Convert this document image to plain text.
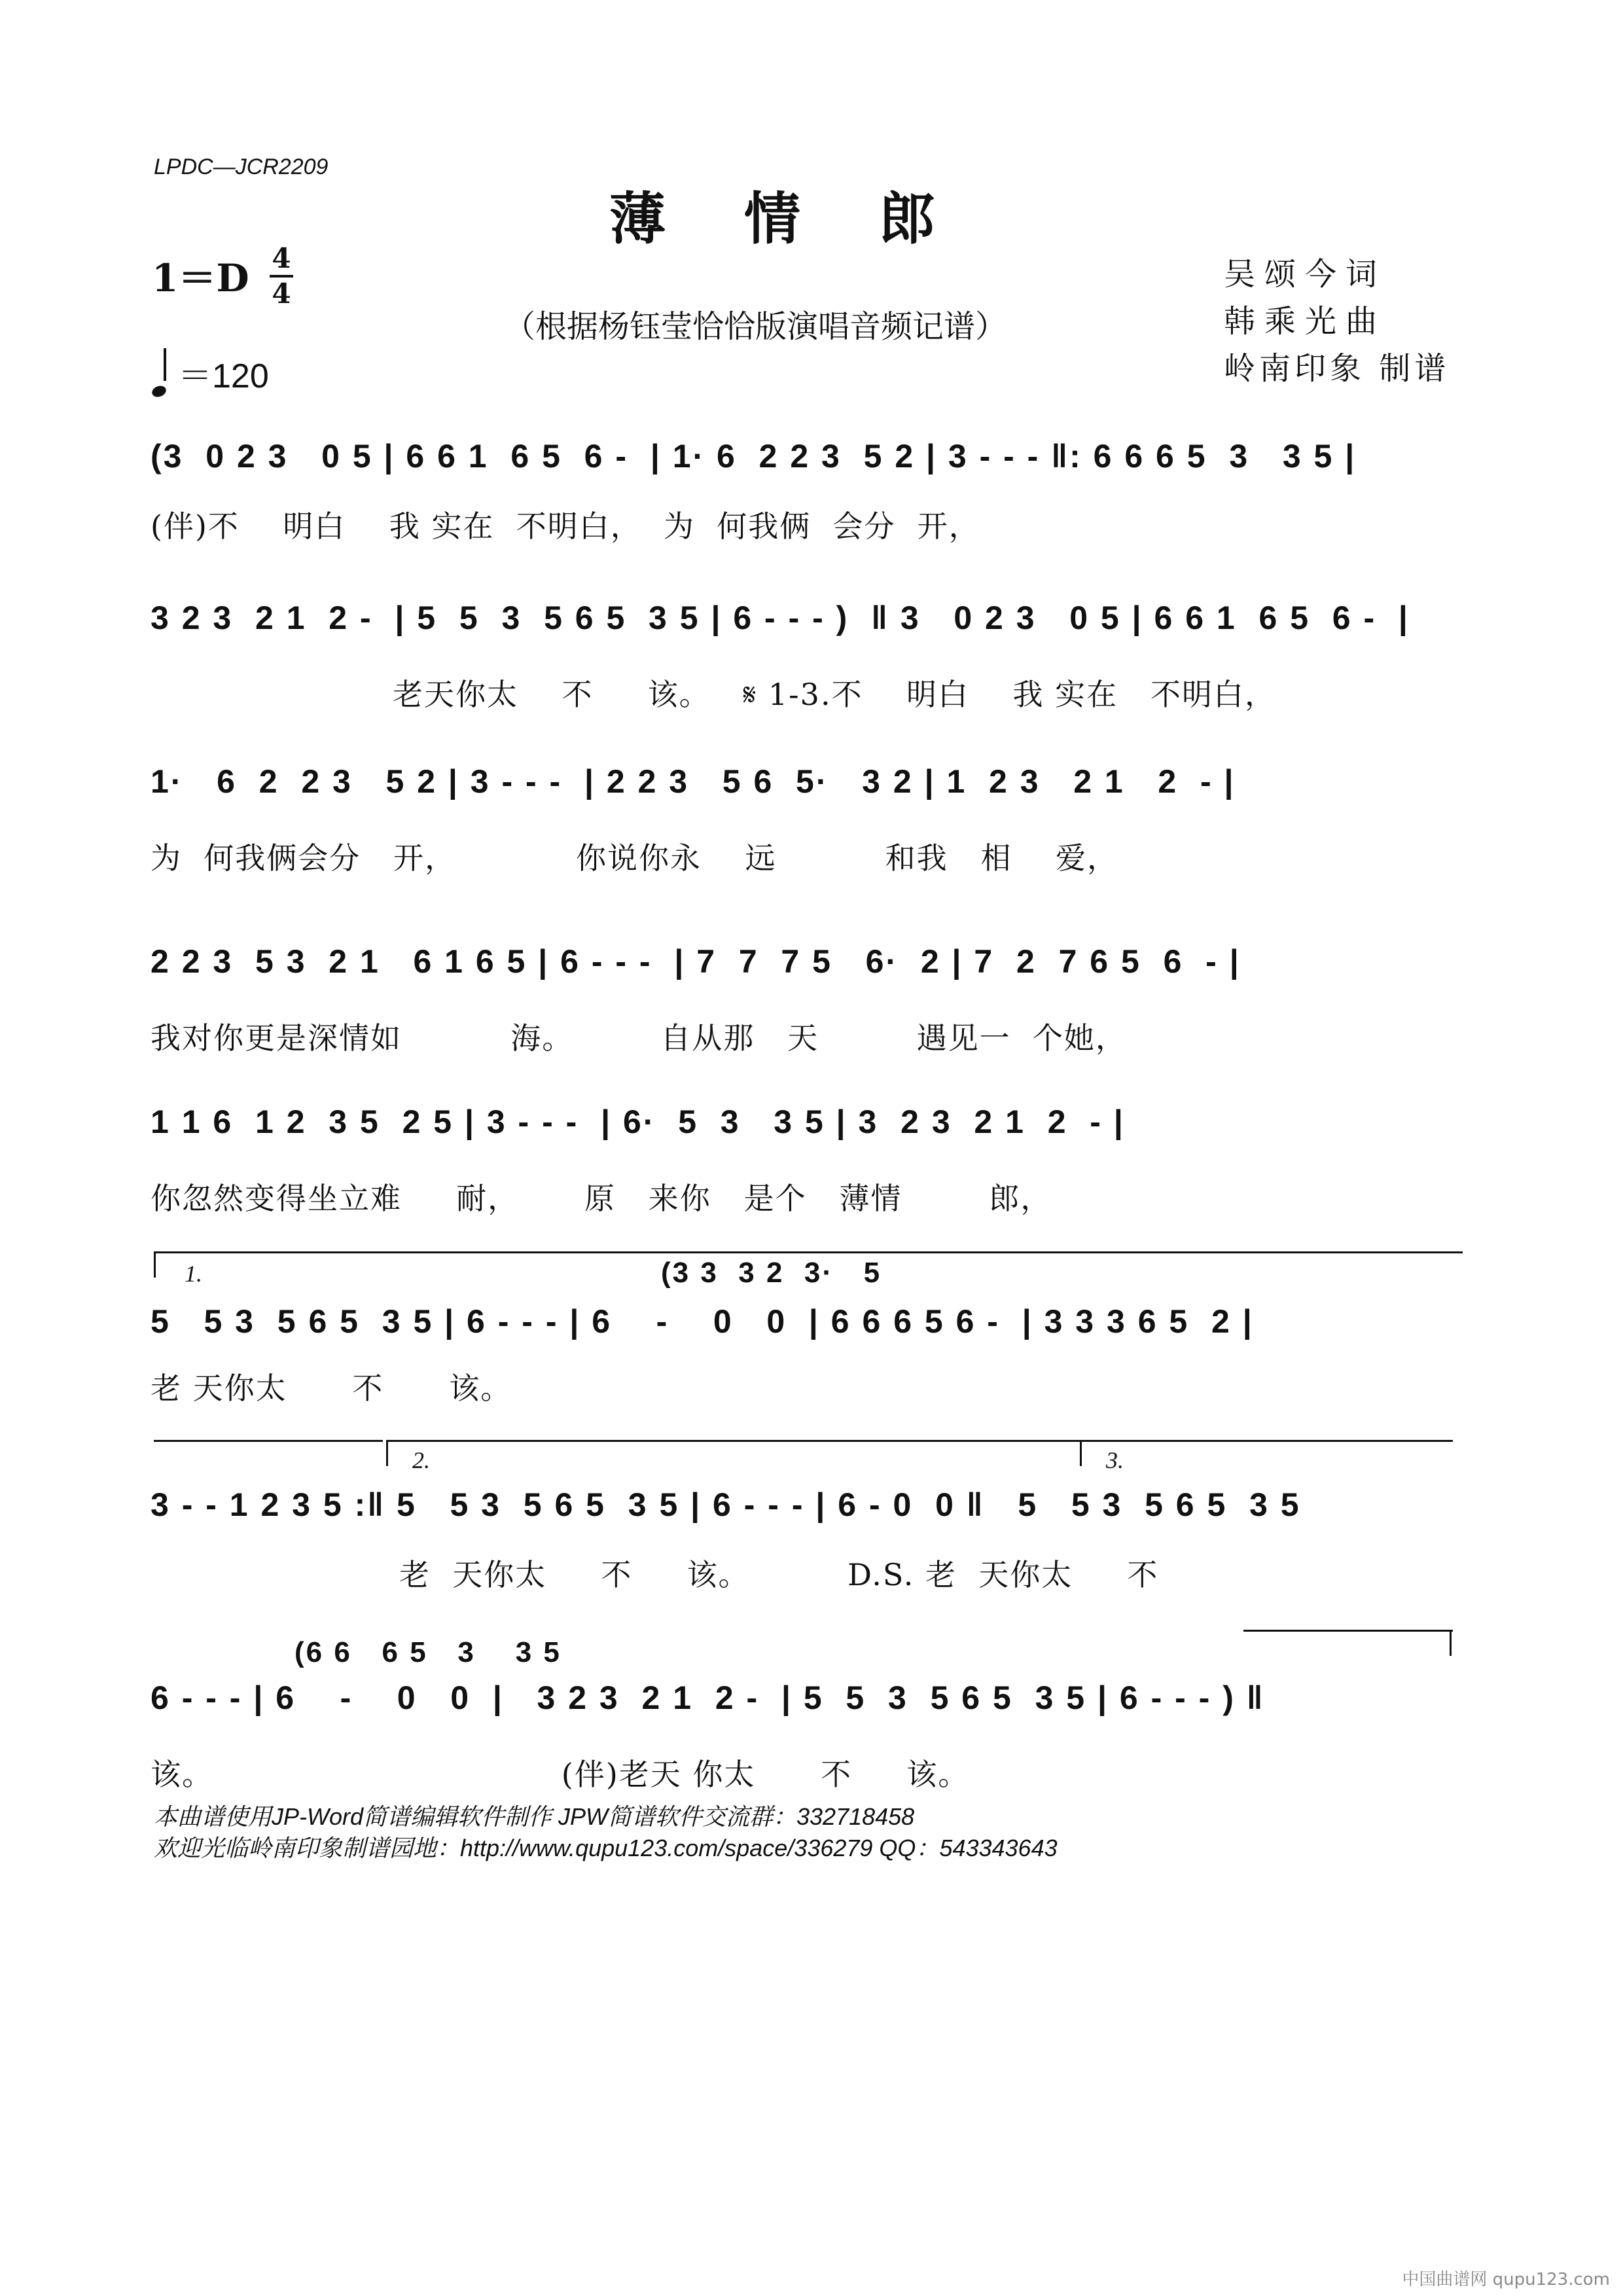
LPDC—JCR2209
薄情郎
1＝D 4
4
＝120
（根据杨钰莹恰恰版演唱音频记谱）
吴颂今词
韩乘光曲
岭南印象 制谱
(3  0 2 3   0 5 | 6 6 1  6 5  6 -  | 1· 6  2 2 3  5 2 | 3 - - - ‖: 6 6 6 5  3   3 5 |
(伴)不    明白    我 实在  不明白，  为  何我俩  会分  开，
3 2 3  2 1  2 -  | 5  5  3  5 6 5  3 5 | 6 - - - )  ‖ 3   0 2 3   0 5 | 6 6 1  6 5  6 -  |
老天你太    不     该。   𝄋 1-3.不    明白    我 实在   不明白，
1·   6  2  2 3   5 2 | 3 - - -  | 2 2 3   5 6  5·   3 2 | 1  2 3   2 1   2  - |
为  何我俩会分   开，           你说你永    远          和我   相    爱，
2 2 3  5 3  2 1   6 1 6 5 | 6 - - -  | 7  7  7 5   6·  2 | 7  2  7 6 5  6  - |
我对你更是深情如          海。        自从那   天         遇见一  个她，
1 1 6  1 2  3 5  2 5 | 3 - - -  | 6·  5  3   3 5 | 3  2 3  2 1  2  - |
你忽然变得坐立难     耐，      原   来你   是个   薄情        郎，
1.	(3 3  3 2  3·   5
5   5 3  5 6 5  3 5 | 6 - - - | 6    -    0   0  | 6 6 6 5 6 -  | 3 3 3 6 5  2 |
老 天你太      不      该。
2.	3.
3 - - 1 2 3 5 :‖ 5   5 3  5 6 5  3 5 | 6 - - - | 6 - 0  0 ‖   5   5 3  5 6 5  3 5
老  天你太     不     该。         D.S. 老  天你太     不
(6 6   6 5   3    3 5
6 - - - | 6    -    0   0  |   3 2 3  2 1  2 -  | 5  5  3  5 6 5  3 5 | 6 - - - ) ‖
该。                                (伴)老天 你太      不     该。
本曲谱使用JP-Word简谱编辑软件制作 JPW简谱软件交流群：332718458
欢迎光临岭南印象制谱园地：http://www.qupu123.com/space/336279 QQ：543343643
中国曲谱网 qupu123.com
